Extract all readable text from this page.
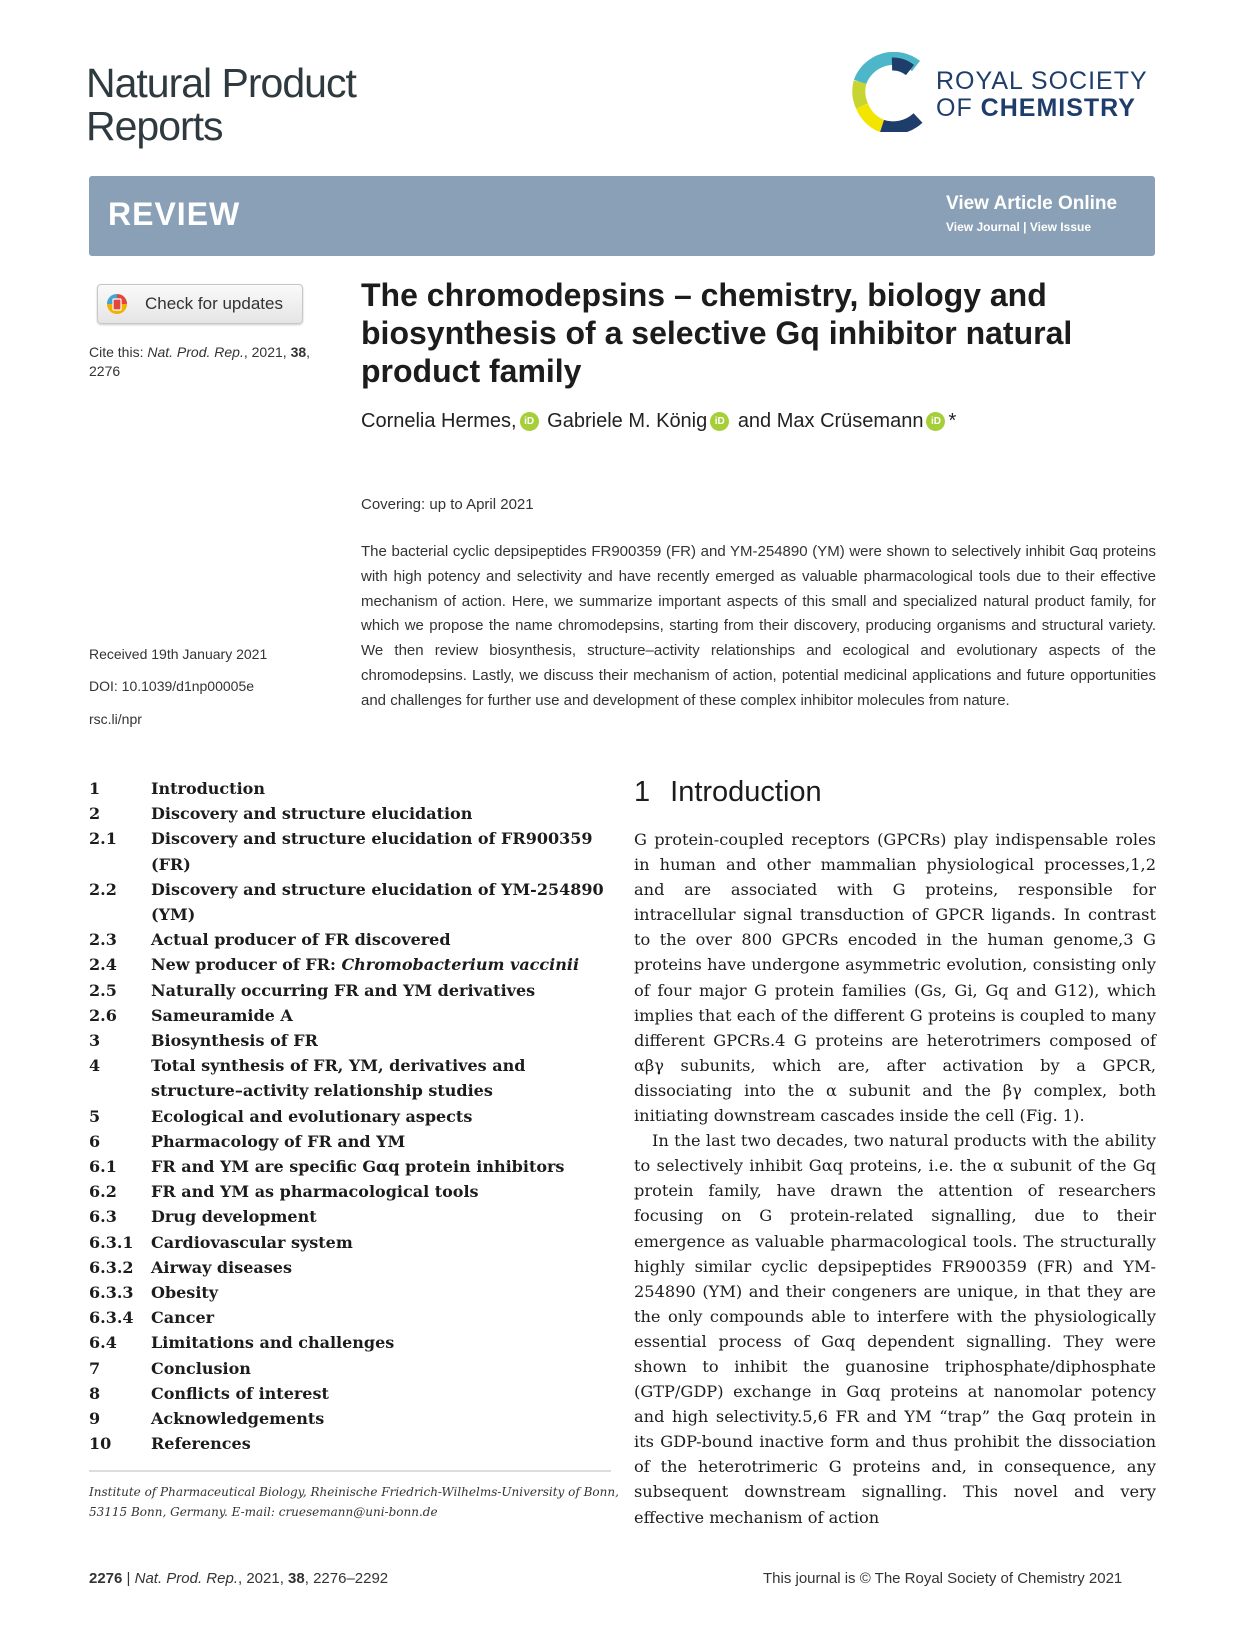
Natural Product
Reports
ROYAL SOCIETY
OF CHEMISTRY
REVIEW	View Article Online
View Journal | View Issue
Check for updates
Cite this: Nat. Prod. Rep., 2021, 38, 2276
Received 19th January 2021
DOI: 10.1039/d1np00005e
rsc.li/npr
The chromodepsins – chemistry, biology and biosynthesis of a selective Gq inhibitor natural product family
Cornelia Hermes, iD Gabriele M. König iD and Max Crüsemann iD *
Covering: up to April 2021
The bacterial cyclic depsipeptides FR900359 (FR) and YM-254890 (YM) were shown to selectively inhibit Gαq proteins with high potency and selectivity and have recently emerged as valuable pharmacological tools due to their effective mechanism of action. Here, we summarize important aspects of this small and specialized natural product family, for which we propose the name chromodepsins, starting from their discovery, producing organisms and structural variety. We then review biosynthesis, structure–activity relationships and ecological and evolutionary aspects of the chromodepsins. Lastly, we discuss their mechanism of action, potential medicinal applications and future opportunities and challenges for further use and development of these complex inhibitor molecules from nature.
1	Introduction
2	Discovery and structure elucidation
2.1	Discovery and structure elucidation of FR900359 (FR)
2.2	Discovery and structure elucidation of YM-254890 (YM)
2.3	Actual producer of FR discovered
2.4	New producer of FR: Chromobacterium vaccinii
2.5	Naturally occurring FR and YM derivatives
2.6	Sameuramide A
3	Biosynthesis of FR
4	Total synthesis of FR, YM, derivatives and structure–activity relationship studies
5	Ecological and evolutionary aspects
6	Pharmacology of FR and YM
6.1	FR and YM are specific Gαq protein inhibitors
6.2	FR and YM as pharmacological tools
6.3	Drug development
6.3.1	Cardiovascular system
6.3.2	Airway diseases
6.3.3	Obesity
6.3.4	Cancer
6.4	Limitations and challenges
7	Conclusion
8	Conflicts of interest
9	Acknowledgements
10	References
Institute of Pharmaceutical Biology, Rheinische Friedrich-Wilhelms-University of Bonn, 53115 Bonn, Germany. E-mail: cruesemann@uni-bonn.de
1 Introduction

G protein-coupled receptors (GPCRs) play indispensable roles in human and other mammalian physiological processes,1,2 and are associated with G proteins, responsible for intracellular signal transduction of GPCR ligands. In contrast to the over 800 GPCRs encoded in the human genome,3 G proteins have undergone asymmetric evolution, consisting only of four major G protein families (Gs, Gi, Gq and G12), which implies that each of the different G proteins is coupled to many different GPCRs.4 G proteins are heterotrimers composed of αβγ subunits, which are, after activation by a GPCR, dissociating into the α subunit and the βγ complex, both initiating downstream cascades inside the cell (Fig. 1).

In the last two decades, two natural products with the ability to selectively inhibit Gαq proteins, i.e. the α subunit of the Gq protein family, have drawn the attention of researchers focusing on G protein-related signalling, due to their emergence as valuable pharmacological tools. The structurally highly similar cyclic depsipeptides FR900359 (FR) and YM-254890 (YM) and their congeners are unique, in that they are the only compounds able to interfere with the physiologically essential process of Gαq dependent signalling. They were shown to inhibit the guanosine triphosphate/diphosphate (GTP/GDP) exchange in Gαq proteins at nanomolar potency and high selectivity.5,6 FR and YM “trap” the Gαq protein in its GDP-bound inactive form and thus prohibit the dissociation of the heterotrimeric G proteins and, in consequence, any subsequent downstream signalling. This novel and very effective mechanism of action

2276 | Nat. Prod. Rep., 2021, 38, 2276–2292	This journal is © The Royal Society of Chemistry 2021
